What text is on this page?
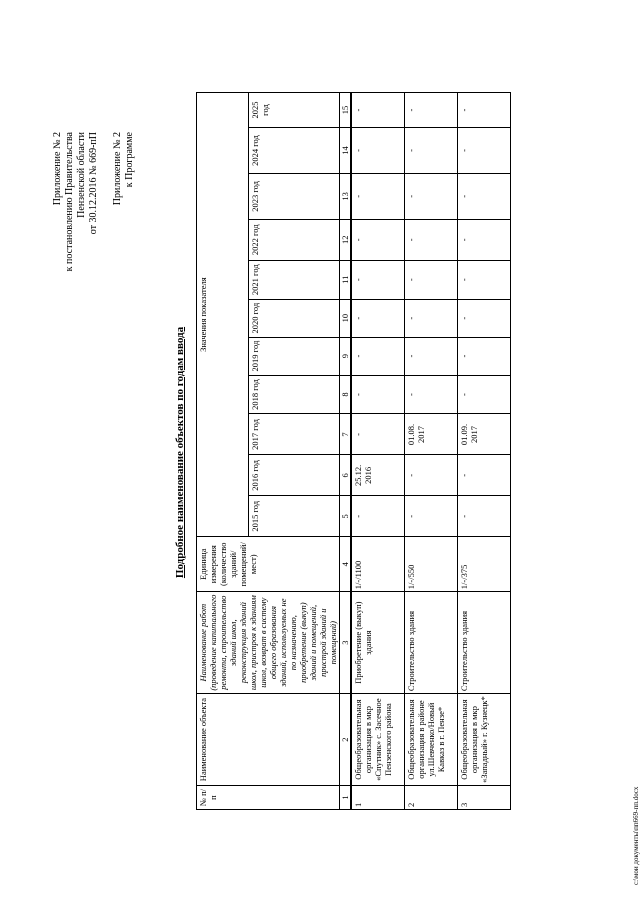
Приложение № 2 к постановлению Правительства Пензенской области от 30.12.2016 № 669-пП Приложение № 2 к Программе
Подробное наименование объектов по годам ввода
№ п/п	Наименование объекта	Наименование работ (проведение капитального ремонта, строительство зданий школ, реконструкция зданий школ, пристроя к зданиям школ, возврат в систему общего образования зданий, используемых не по назначению, приобретение (выкуп) зданий и помещений, пристрой зданий и помещений)	Единица измерения (количество зданий/ помещений/ мест)	Значения показателя										
				2015 год	2016 год	2017 год	2018 год	2019 год	2020 год	2021 год	2022 год	2023 год	2024 год	2025 год
1	2	3	4	5	6	7	8	9	10	11	12	13	14	15
1	Общеобразовательная организация в мкр «Спутник» с. Засечное Пензенского района	Приобретение (выкуп) здания	1/-/1100	-	25.12. 2016	-	-	-	-	-	-	-	-	-
2	Общеобразовательная организация в районе ул.Шевченко/Новый Кавказ в г. Пензе*	Строительство здания	1/-/550	-	-	01.08. 2017	-	-	-	-	-	-	-	-
3	Общеобразовательная организация в мкр «Западный» г. Кузнецк*	Строительство здания	1/-/375	-	-	01.09. 2017	-	-	-	-	-	-	-	-
c:\мои документы\пп669-пп.docx
